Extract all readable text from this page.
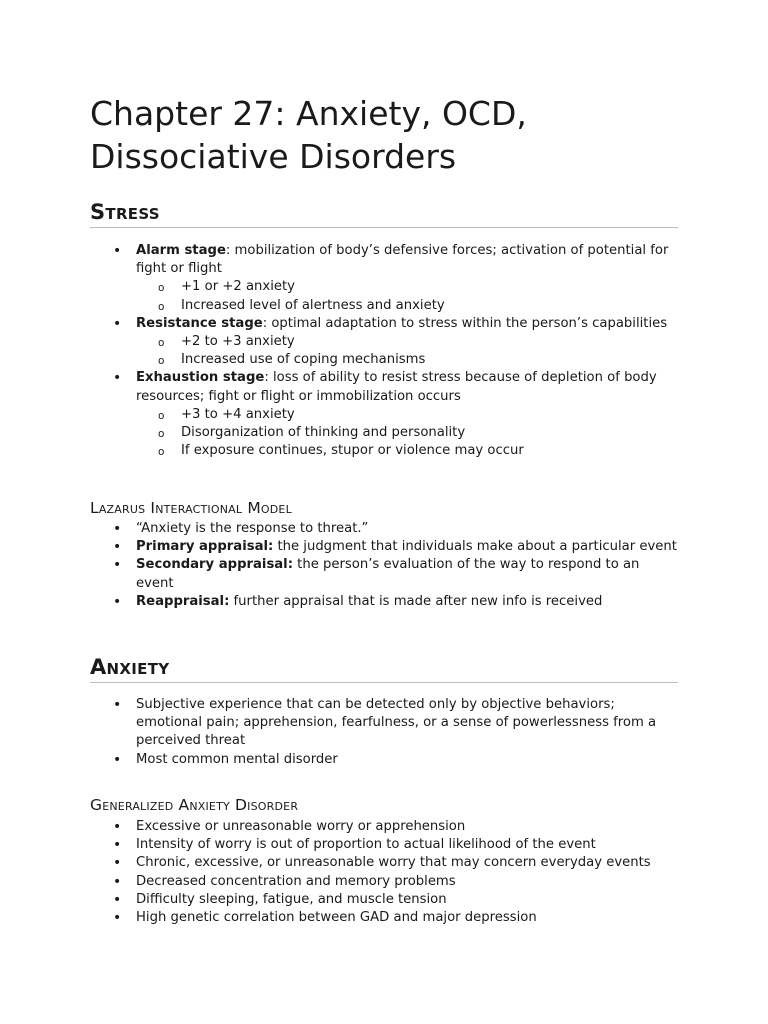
Chapter 27: Anxiety, OCD,
Dissociative Disorders
Stress
• Alarm stage: mobilization of body’s defensive forces; activation of potential for fight or flight
o +1 or +2 anxiety
o Increased level of alertness and anxiety
• Resistance stage: optimal adaptation to stress within the person’s capabilities
o +2 to +3 anxiety
o Increased use of coping mechanisms
• Exhaustion stage: loss of ability to resist stress because of depletion of body resources; fight or flight or immobilization occurs
o +3 to +4 anxiety
o Disorganization of thinking and personality
o If exposure continues, stupor or violence may occur
Lazarus Interactional Model
• “Anxiety is the response to threat.”
• Primary appraisal: the judgment that individuals make about a particular event
• Secondary appraisal: the person’s evaluation of the way to respond to an event
• Reappraisal: further appraisal that is made after new info is received
Anxiety
• Subjective experience that can be detected only by objective behaviors; emotional pain; apprehension, fearfulness, or a sense of powerlessness from a perceived threat
• Most common mental disorder
Generalized Anxiety Disorder
• Excessive or unreasonable worry or apprehension
• Intensity of worry is out of proportion to actual likelihood of the event
• Chronic, excessive, or unreasonable worry that may concern everyday events
• Decreased concentration and memory problems
• Difficulty sleeping, fatigue, and muscle tension
• High genetic correlation between GAD and major depression
